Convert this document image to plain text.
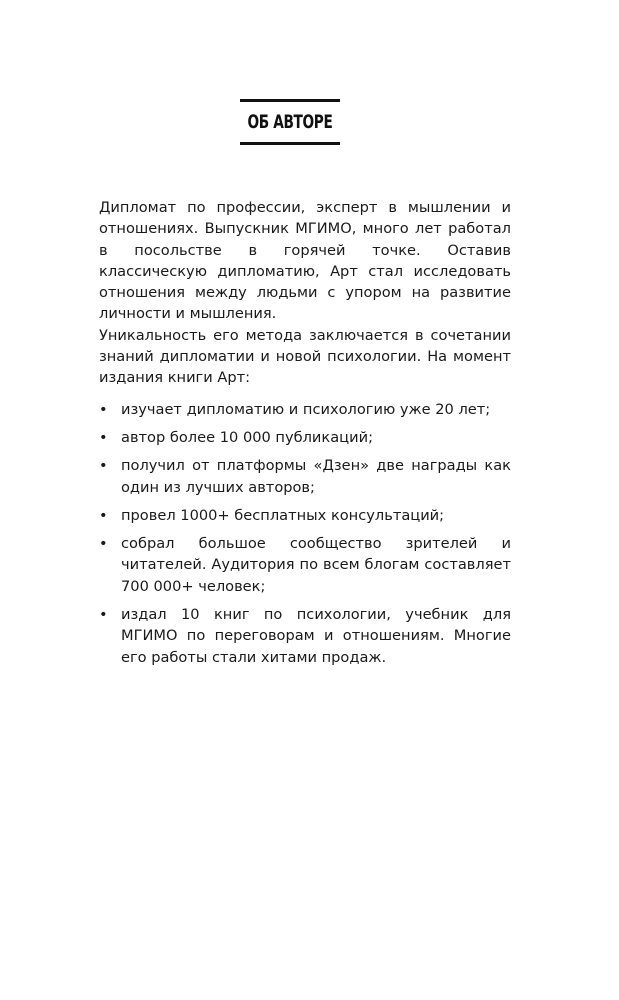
ОБ АВТОРЕ

Дипломат по профессии, эксперт в мышлении и отношениях. Выпускник МГИМО, много лет работал в посольстве в горячей точке. Оставив классическую дипломатию, Арт стал исследовать отношения между людьми с упором на развитие личности и мышления.

Уникальность его метода заключается в сочетании знаний дипломатии и новой психологии. На момент издания книги Арт:

• изучает дипломатию и психологию уже 20 лет;
• автор более 10 000 публикаций;
• получил от платформы «Дзен» две награды как один из лучших авторов;
• провел 1000+ бесплатных консультаций;
• собрал большое сообщество зрителей и читателей. Аудитория по всем блогам составляет 700 000+ человек;
• издал 10 книг по психологии, учебник для МГИМО по переговорам и отношениям. Многие его работы стали хитами продаж.
